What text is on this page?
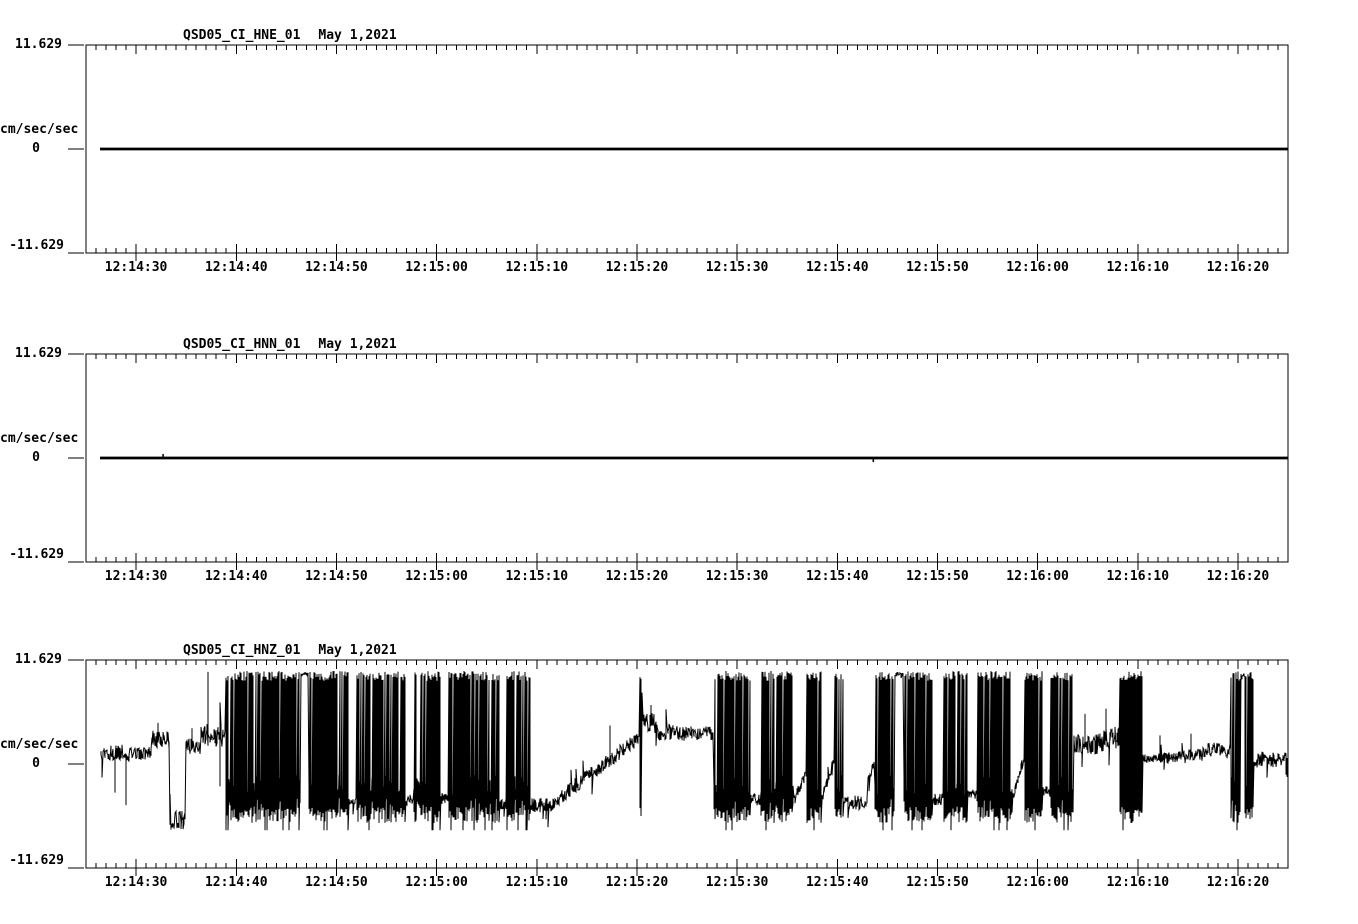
QSD05_CI_HNE_01 May 1,2021
11.629
cm/sec/sec
0
-11.629
12:14:30	12:14:40	12:14:50	12:15:00	12:15:10	12:15:20	12:15:30	12:15:40	12:15:50	12:16:00	12:16:10	12:16:20
QSD05_CI_HNN_01 May 1,2021
11.629
cm/sec/sec
0
-11.629
12:14:30	12:14:40	12:14:50	12:15:00	12:15:10	12:15:20	12:15:30	12:15:40	12:15:50	12:16:00	12:16:10	12:16:20
QSD05_CI_HNZ_01 May 1,2021
11.629
cm/sec/sec
0
-11.629
12:14:30	12:14:40	12:14:50	12:15:00	12:15:10	12:15:20	12:15:30	12:15:40	12:15:50	12:16:00	12:16:10	12:16:20
